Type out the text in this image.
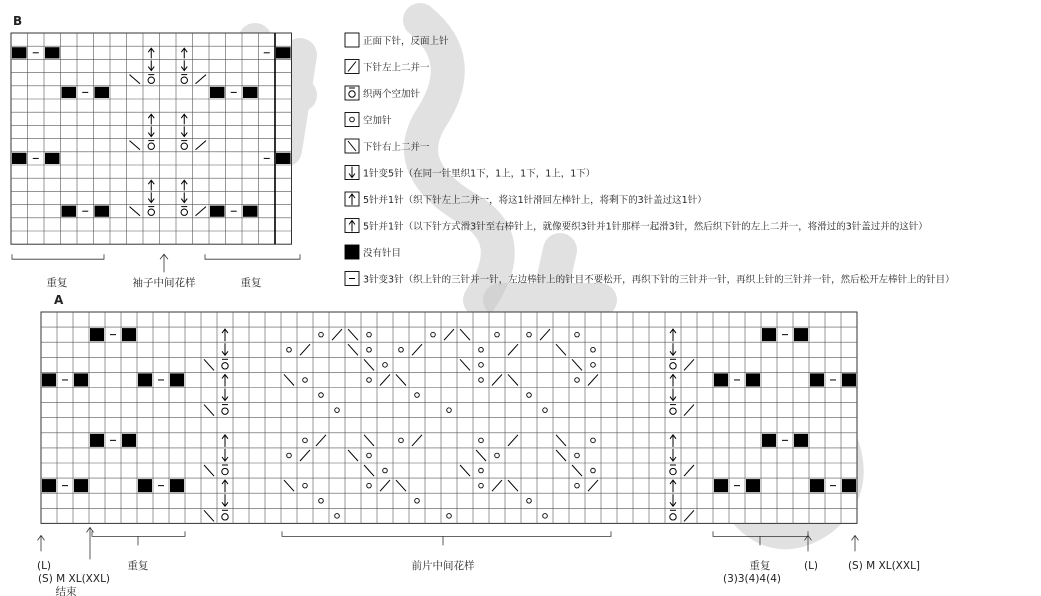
B
重复	袖子中间花样	重复
正面下针，反面上针
下针左上二并一
织两个空加针
空加针
下针右上二并一
1针变5针（在同一针里织1下，1上，1下，1上，1下）
5针并1针（织下针左上二并一，将这1针滑回左棒针上，将剩下的3针盖过这1针）
5针并1针（以下针方式滑3针至右棒针上，就像要织3针并1针那样一起滑3针，然后织下针的左上二并一，将滑过的3针盖过并的这针）
没有针目
3针变3针（织上针的三针并一针，左边棒针上的针目不要松开，再织下针的三针并一针，再织上针的三针并一针，然后松开左棒针上的针目）
A
(L)
(S) M XL(XXL)
结束
重复	前片中间花样	重复
(3)3(4)4(4)
(L)	(S) M XL(XXL]
